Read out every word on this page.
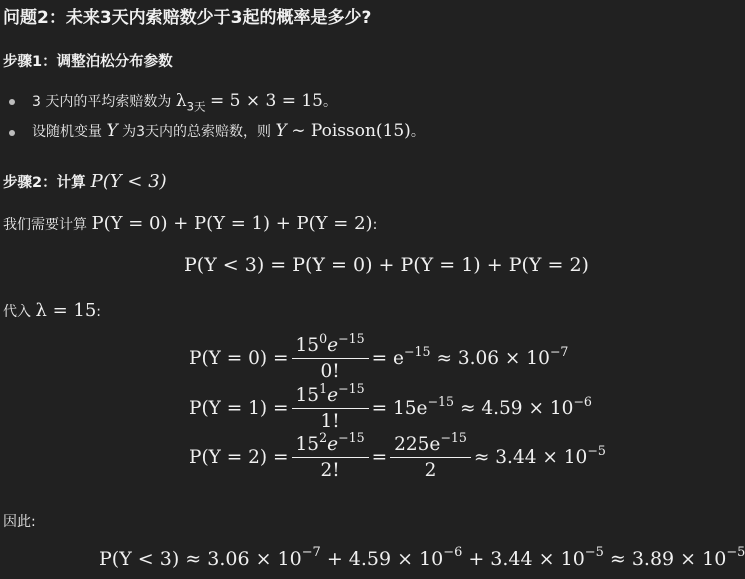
问题2：未来3天内索赔数少于3起的概率是多少?
步骤1：调整泊松分布参数
3 天内的平均索赔数为 $\lambda_{3天} = 5 \times 3 = 15$。
设随机变量 Y 为3天内的总索赔数，则 Y ∼ Poisson(15)。
步骤2：计算 P(Y < 3)
我们需要计算 P(Y = 0) + P(Y = 1) + P(Y = 2):
P(Y < 3) = P(Y = 0) + P(Y = 1) + P(Y = 2)
代入 λ = 15:
$P(Y = 0) = \frac{15^0e^{-15}}{0!} = e^{-15} \approx 3.06 \times 10^{-7}$
$P(Y = 1) = \frac{15^1e^{-15}}{1!} = 15e^{-15} \approx 4.59 \times 10^{-6}$
$P(Y = 2) = \frac{15^2e^{-15}}{2!} = \frac{225e^{-15}}{2} \approx 3.44 \times 10^{-5}$
因此:
$P(Y < 3) \approx 3.06 \times 10^{-7} + 4.59 \times 10^{-6} + 3.44 \times 10^{-5} \approx 3.89 \times 10^{-5}$
